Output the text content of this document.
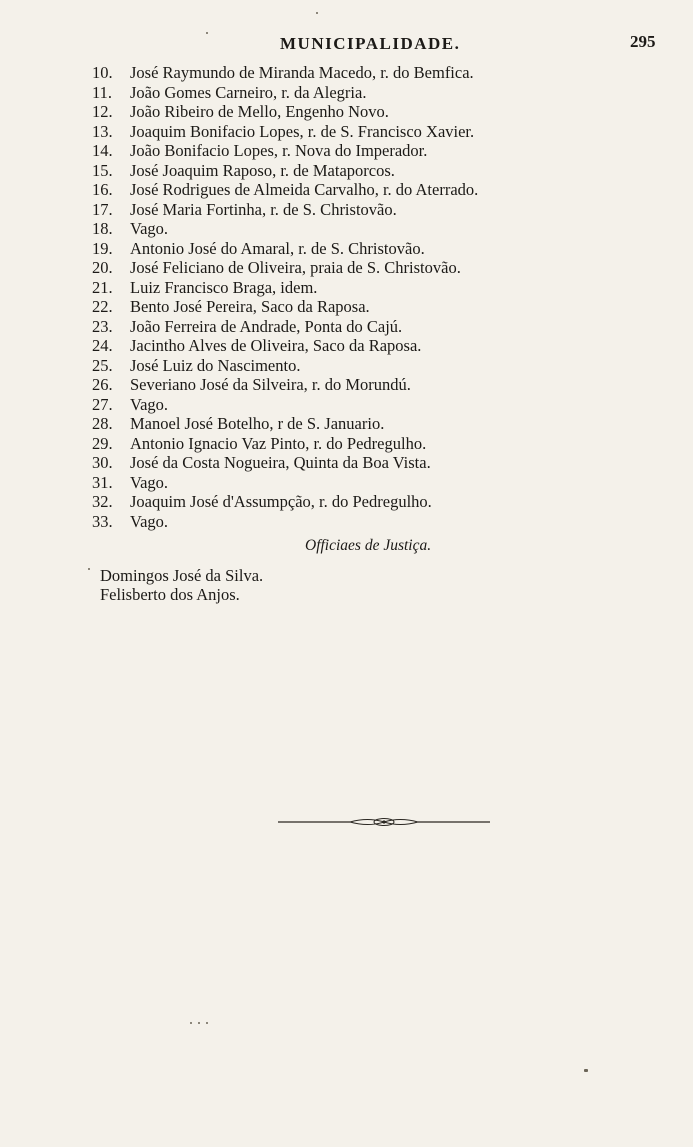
MUNICIPALIDADE.	295
10.	José Raymundo de Miranda Macedo, r. do Bemfica.
11.	João Gomes Carneiro, r. da Alegria.
12.	João Ribeiro de Mello, Engenho Novo.
13.	Joaquim Bonifacio Lopes, r. de S. Francisco Xavier.
14.	João Bonifacio Lopes, r. Nova do Imperador.
15.	José Joaquim Raposo, r. de Mataporcos.
16.	José Rodrigues de Almeida Carvalho, r. do Aterrado.
17.	José Maria Fortinha, r. de S. Christovão.
18.	Vago.
19.	Antonio José do Amaral, r. de S. Christovão.
20.	José Feliciano de Oliveira, praia de S. Christovão.
21.	Luiz Francisco Braga, idem.
22.	Bento José Pereira, Saco da Raposa.
23.	João Ferreira de Andrade, Ponta do Cajú.
24.	Jacintho Alves de Oliveira, Saco da Raposa.
25.	José Luiz do Nascimento.
26.	Severiano José da Silveira, r. do Morundú.
27.	Vago.
28.	Manoel José Botelho, r de S. Januario.
29.	Antonio Ignacio Vaz Pinto, r. do Pedregulho.
30.	José da Costa Nogueira, Quinta da Boa Vista.
31.	Vago.
32.	Joaquim José d'Assumpção, r. do Pedregulho.
33.	Vago.
Officiaes de Justiça.
Domingos José da Silva.
Felisberto dos Anjos.
